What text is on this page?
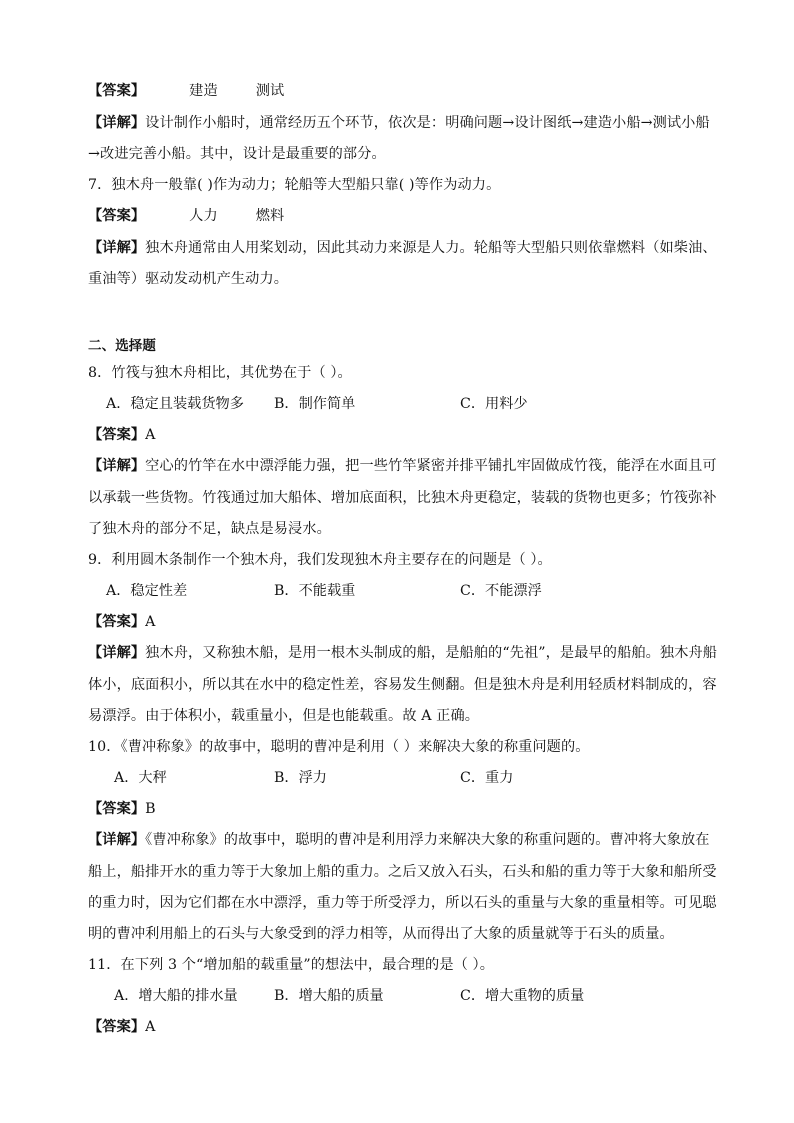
【答案】	建造	测试
【详解】设计制作小船时，通常经历五个环节，依次是：明确问题→设计图纸→建造小船→测试小船
→改进完善小船。其中，设计是最重要的部分。
7．独木舟一般靠( )作为动力；轮船等大型船只靠( )等作为动力。
【答案】	人力	燃料
【详解】独木舟通常由人用桨划动，因此其动力来源是人力。轮船等大型船只则依靠燃料（如柴油、
重油等）驱动发动机产生动力。
二、选择题
8．竹筏与独木舟相比，其优势在于（ ）。
A．稳定且装载货物多 B．制作简单	C．用料少
【答案】A
【详解】空心的竹竿在水中漂浮能力强，把一些竹竿紧密并排平铺扎牢固做成竹筏，能浮在水面且可
以承载一些货物。竹筏通过加大船体、增加底面积，比独木舟更稳定，装载的货物也更多；竹筏弥补
了独木舟的部分不足，缺点是易浸水。
9．利用圆木条制作一个独木舟，我们发现独木舟主要存在的问题是（ ）。
A．稳定性差	B．不能载重	C．不能漂浮
【答案】A
【详解】独木舟，又称独木船，是用一根木头制成的船，是船舶的“先祖”，是最早的船舶。独木舟船
体小，底面积小，所以其在水中的稳定性差，容易发生侧翻。但是独木舟是利用轻质材料制成的，容
易漂浮。由于体积小，载重量小，但是也能载重。故 A 正确。
10．《曹冲称象》的故事中，聪明的曹冲是利用（ ）来解决大象的称重问题的。
A．大秤	B．浮力	C．重力
【答案】B
【详解】《曹冲称象》的故事中，聪明的曹冲是利用浮力来解决大象的称重问题的。曹冲将大象放在
船上，船排开水的重力等于大象加上船的重力。之后又放入石头，石头和船的重力等于大象和船所受
的重力时，因为它们都在水中漂浮，重力等于所受浮力，所以石头的重量与大象的重量相等。可见聪
明的曹冲利用船上的石头与大象受到的浮力相等，从而得出了大象的质量就等于石头的质量。
11．在下列 3 个“增加船的载重量”的想法中，最合理的是（ ）。
A．增大船的排水量	B．增大船的质量	C．增大重物的质量
【答案】A
